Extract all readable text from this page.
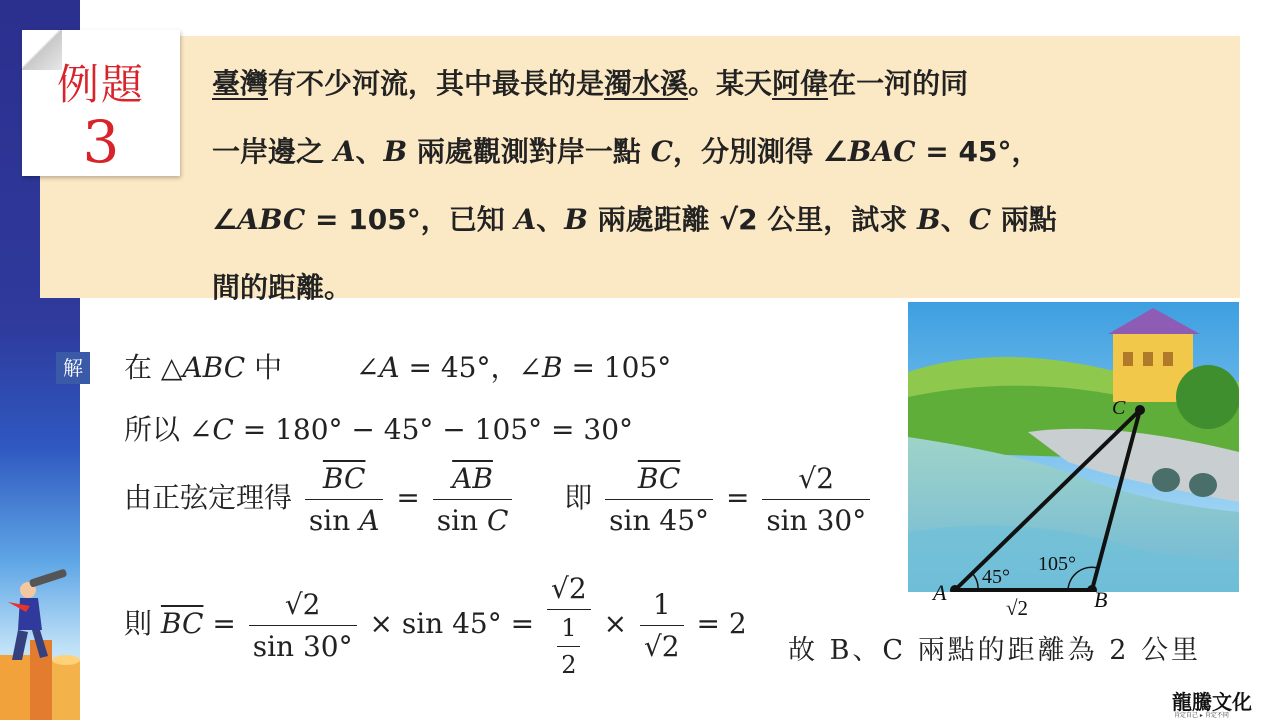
例題
3
臺灣有不少河流，其中最長的是濁水溪。某天阿偉在一河的同
一岸邊之 A、B 兩處觀測對岸一點 C，分別測得 ∠BAC = 45°，
∠ABC = 105°，已知 A、B 兩處距離 √2 公里，試求 B、C 兩點
間的距離。
解 在 △ABC 中	∠A = 45°，∠B = 105°
所以 ∠C = 180° − 45° − 105° = 30°
由正弦定理得 $\frac{\overline{BC}}{\text{sin A}} = \frac{\overline{AB}}{\text{sin C}}$ 即 $\frac{\overline{BC}}{\sin 45^\circ} = \frac{√2}{\sin 30^\circ}$
則 $\overline{BC} = \frac{√2}{\sin 30^\circ} \times \sin 45^\circ = \frac{√2}{\frac{1}{2}} \times \frac{1}{√2} = 2$
故 B、C 兩點的距離為 2 公里
45°
105°
C
A	B
√2
龍騰文化
肯定自己 ▸ 肯定不同
